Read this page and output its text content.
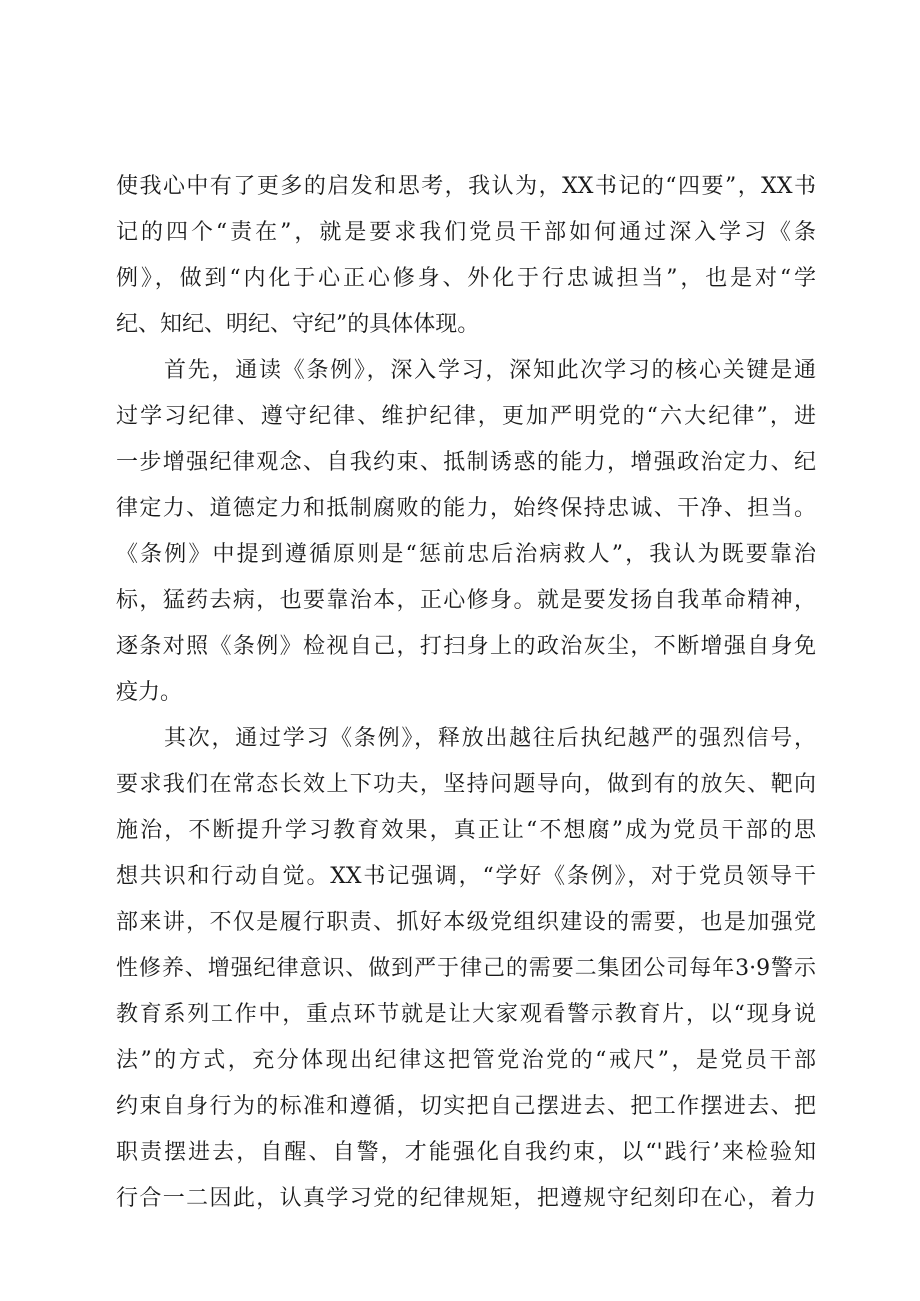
使我心中有了更多的启发和思考，我认为，XX书记的“四要”，XX书
记的四个“责在”，就是要求我们党员干部如何通过深入学习《条
例》，做到“内化于心正心修身、外化于行忠诚担当”，也是对“学
纪、知纪、明纪、守纪”的具体体现。
首先，通读《条例》，深入学习，深知此次学习的核心关键是通
过学习纪律、遵守纪律、维护纪律，更加严明党的“六大纪律”，进
一步增强纪律观念、自我约束、抵制诱惑的能力，增强政治定力、纪
律定力、道德定力和抵制腐败的能力，始终保持忠诚、干净、担当。
《条例》中提到遵循原则是“惩前忠后治病救人”，我认为既要靠治
标，猛药去病，也要靠治本，正心修身。就是要发扬自我革命精神，
逐条对照《条例》检视自己，打扫身上的政治灰尘，不断增强自身免
疫力。
其次，通过学习《条例》，释放出越往后执纪越严的强烈信号，
要求我们在常态长效上下功夫，坚持问题导向，做到有的放矢、靶向
施治，不断提升学习教育效果，真正让“不想腐”成为党员干部的思
想共识和行动自觉。XX书记强调，“学好《条例》，对于党员领导干
部来讲，不仅是履行职责、抓好本级党组织建设的需要，也是加强党
性修养、增强纪律意识、做到严于律己的需要二集团公司每年3·9警示
教育系列工作中，重点环节就是让大家观看警示教育片，以“现身说
法”的方式，充分体现出纪律这把管党治党的“戒尺”，是党员干部
约束自身行为的标准和遵循，切实把自己摆进去、把工作摆进去、把
职责摆进去，自醒、自警，才能强化自我约束，以“'践行’来检验知
行合一二因此，认真学习党的纪律规矩，把遵规守纪刻印在心，着力
